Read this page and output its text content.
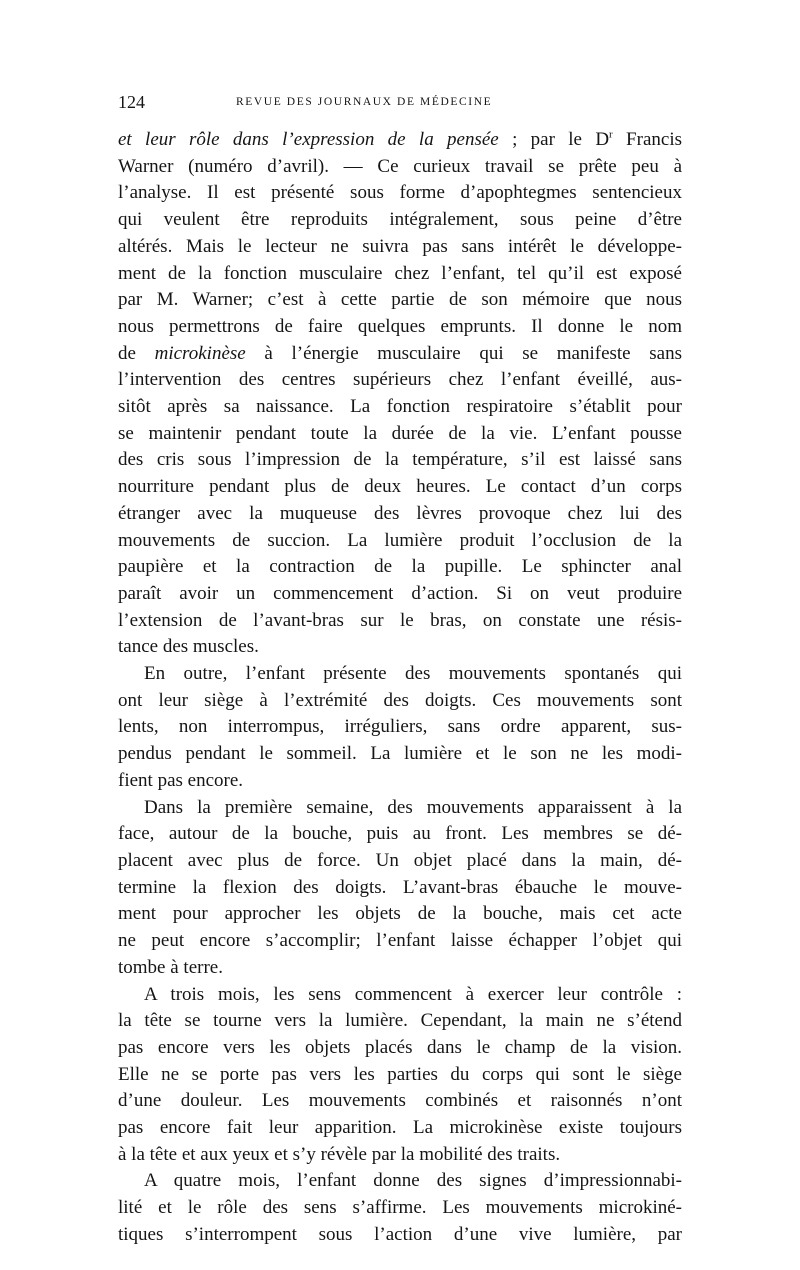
124	REVUE DES JOURNAUX DE MÉDECINE
et leur rôle dans l’expression de la pensée ; par le $D^r$ Francis
Warner (numéro d’avril). — Ce curieux travail se prête peu à
l’analyse. Il est présenté sous forme d’apophtegmes sentencieux
qui veulent être reproduits intégralement, sous peine d’être
altérés. Mais le lecteur ne suivra pas sans intérêt le développe-
ment de la fonction musculaire chez l’enfant, tel qu’il est exposé
par M. Warner; c’est à cette partie de son mémoire que nous
nous permettrons de faire quelques emprunts. Il donne le nom
de microkinèse à l’énergie musculaire qui se manifeste sans
l’intervention des centres supérieurs chez l’enfant éveillé, aus-
sitôt après sa naissance. La fonction respiratoire s’établit pour
se maintenir pendant toute la durée de la vie. L’enfant pousse
des cris sous l’impression de la température, s’il est laissé sans
nourriture pendant plus de deux heures. Le contact d’un corps
étranger avec la muqueuse des lèvres provoque chez lui des
mouvements de succion. La lumière produit l’occlusion de la
paupière et la contraction de la pupille. Le sphincter anal
paraît avoir un commencement d’action. Si on veut produire
l’extension de l’avant-bras sur le bras, on constate une résis-
tance des muscles.
En outre, l’enfant présente des mouvements spontanés qui
ont leur siège à l’extrémité des doigts. Ces mouvements sont
lents, non interrompus, irréguliers, sans ordre apparent, sus-
pendus pendant le sommeil. La lumière et le son ne les modi-
fient pas encore.
Dans la première semaine, des mouvements apparaissent à la
face, autour de la bouche, puis au front. Les membres se dé-
placent avec plus de force. Un objet placé dans la main, dé-
termine la flexion des doigts. L’avant-bras ébauche le mouve-
ment pour approcher les objets de la bouche, mais cet acte
ne peut encore s’accomplir; l’enfant laisse échapper l’objet qui
tombe à terre.
A trois mois, les sens commencent à exercer leur contrôle :
la tête se tourne vers la lumière. Cependant, la main ne s’étend
pas encore vers les objets placés dans le champ de la vision.
Elle ne se porte pas vers les parties du corps qui sont le siège
d’une douleur. Les mouvements combinés et raisonnés n’ont
pas encore fait leur apparition. La microkinèse existe toujours
à la tête et aux yeux et s’y révèle par la mobilité des traits.
A quatre mois, l’enfant donne des signes d’impressionnabi-
lité et le rôle des sens s’affirme. Les mouvements microkiné-
tiques s’interrompent sous l’action d’une vive lumière, par
